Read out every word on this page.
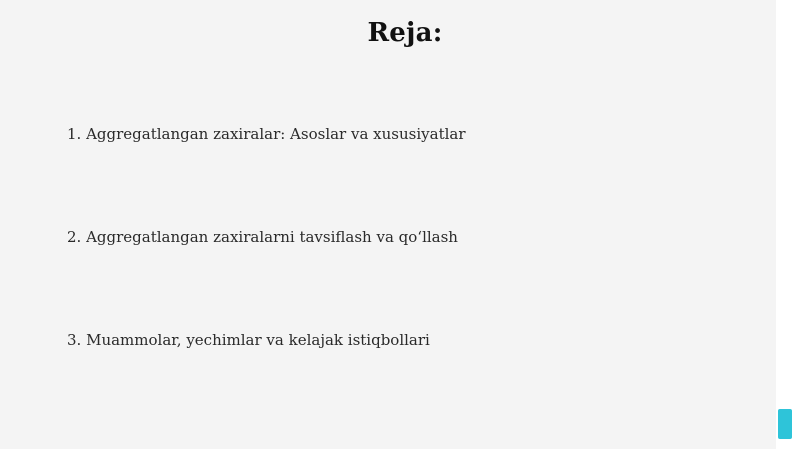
Reja:
1. Aggregatlangan zaxiralar: Asoslar va xususiyatlar
2. Aggregatlangan zaxiralarni tavsiflash va qo‘llash
3. Muammolar, yechimlar va kelajak istiqbollari
